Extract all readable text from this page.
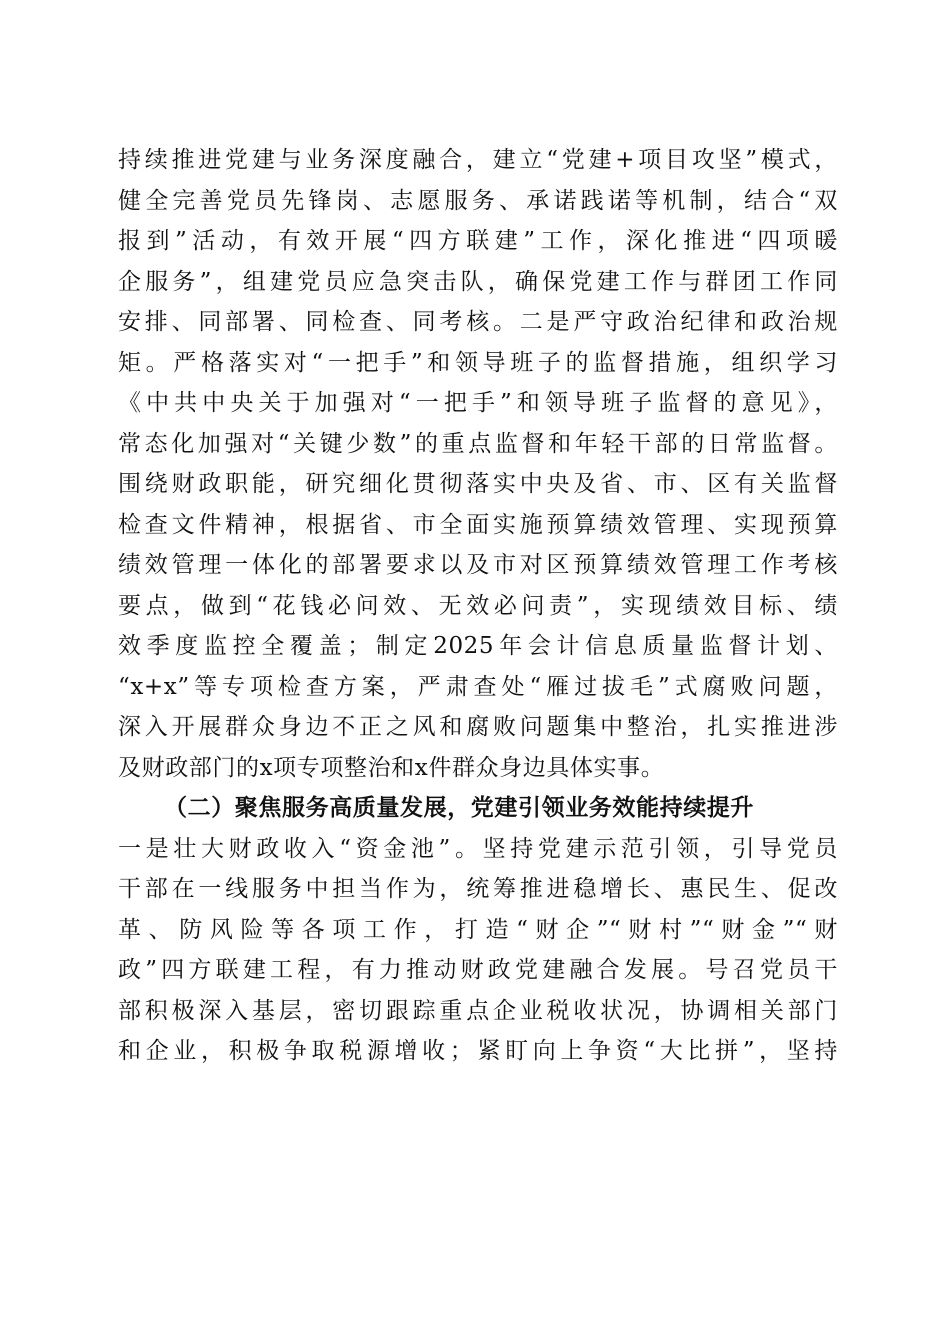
持续推进党建与业务深度融合，建立“党建+项目攻坚”模式，
健全完善党员先锋岗、志愿服务、承诺践诺等机制，结合“双
报到”活动，有效开展“四方联建”工作，深化推进“四项暖
企服务”，组建党员应急突击队，确保党建工作与群团工作同
安排、同部署、同检查、同考核。二是严守政治纪律和政治规
矩。严格落实对“一把手”和领导班子的监督措施，组织学习
《中共中央关于加强对“一把手”和领导班子监督的意见》，
常态化加强对“关键少数”的重点监督和年轻干部的日常监督。
围绕财政职能，研究细化贯彻落实中央及省、市、区有关监督
检查文件精神，根据省、市全面实施预算绩效管理、实现预算
绩效管理一体化的部署要求以及市对区预算绩效管理工作考核
要点，做到“花钱必问效、无效必问责”，实现绩效目标、绩
效季度监控全覆盖；制定2025年会计信息质量监督计划、
“x+x”等专项检查方案，严肃查处“雁过拔毛”式腐败问题，
深入开展群众身边不正之风和腐败问题集中整治，扎实推进涉
及财政部门的x项专项整治和x件群众身边具体实事。
（二）聚焦服务高质量发展，党建引领业务效能持续提升
一是壮大财政收入“资金池”。坚持党建示范引领，引导党员
干部在一线服务中担当作为，统筹推进稳增长、惠民生、促改
革、防风险等各项工作，打造“财企”“财村”“财金”“财
政”四方联建工程，有力推动财政党建融合发展。号召党员干
部积极深入基层，密切跟踪重点企业税收状况，协调相关部门
和企业，积极争取税源增收；紧盯向上争资“大比拼”，坚持
